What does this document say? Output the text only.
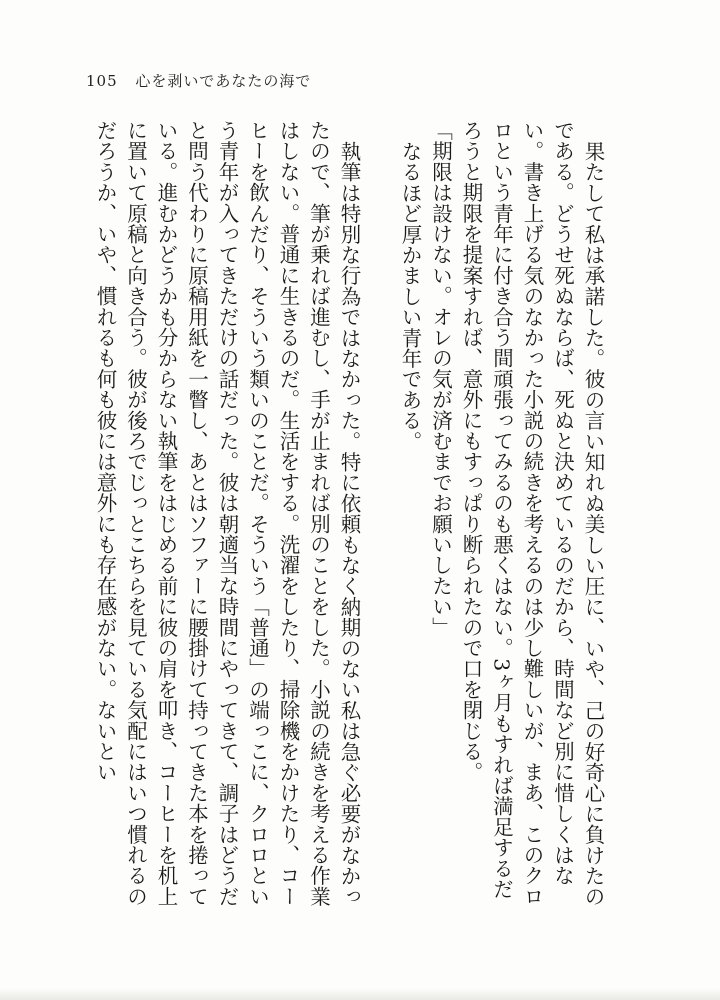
105 心を剥いであなたの海で

果たして私は承諾した。彼の言い知れぬ美しい圧に、いや、己の好奇心に負けたのである。どうせ死ぬならば、死ぬと決めているのだから、時間など別に惜しくはない。書き上げる気のなかった小説の続きを考えるのは少し難しいが、まあ、このクロロという青年に付き合う間頑張ってみるのも悪くはない。3ヶ月もすれば満足するだろうと期限を提案すれば、意外にもすっぱり断られたので口を閉じる。

「期限は設けない。オレの気が済むまでお願いしたい」

なるほど厚かましい青年である。

執筆は特別な行為ではなかった。特に依頼もなく納期のない私は急ぐ必要がなかったので、筆が乗れば進むし、手が止まれば別のことをした。小説の続きを考える作業はしない。普通に生きるのだ。生活をする。洗濯をしたり、掃除機をかけたり、コーヒーを飲んだり、そういう類いのことだ。そういう「普通」の端っこに、クロロという青年が入ってきただけの話だった。彼は朝適当な時間にやってきて、調子はどうだと問う代わりに原稿用紙を一瞥し、あとはソファーに腰掛けて持ってきた本を捲っている。進むかどうかも分からない執筆をはじめる前に彼の肩を叩き、コーヒーを机上に置いて原稿と向き合う。彼が後ろでじっとこちらを見ている気配にはいつ慣れるのだろうか、いや、慣れるも何も彼には意外にも存在感がない。ないとい
